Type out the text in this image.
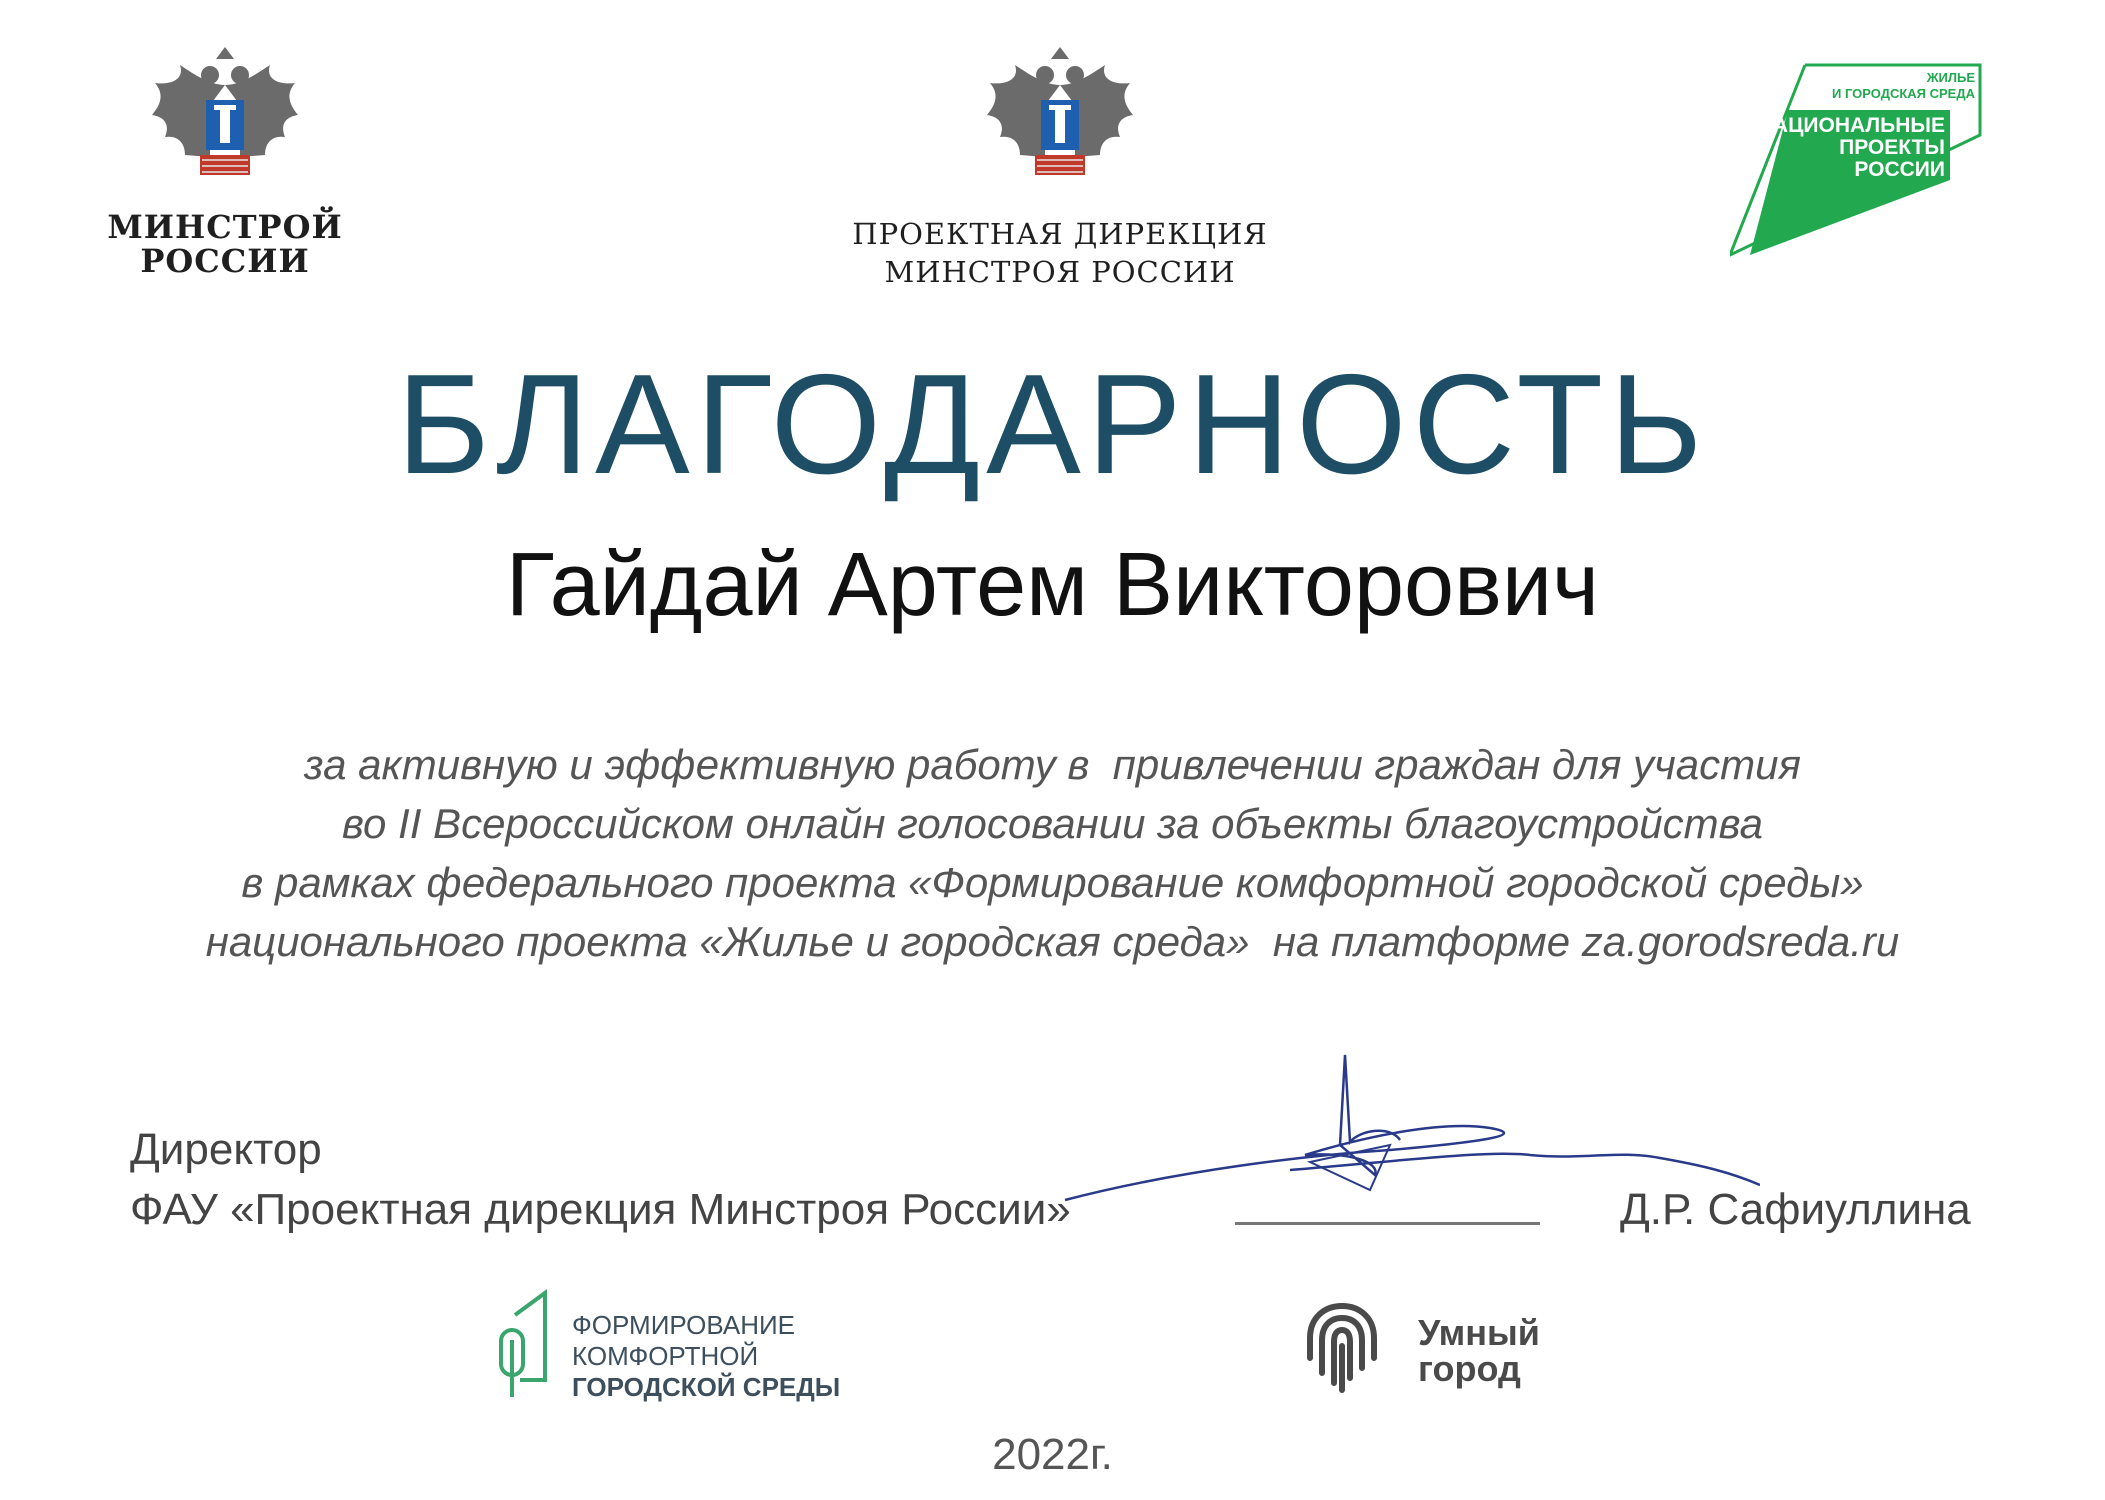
МИНСТРОЙ
РОССИИ
ПРОЕКТНАЯ ДИРЕКЦИЯ
МИНСТРОЯ РОССИИ
ЖИЛЬЕ
И ГОРОДСКАЯ СРЕДА
НАЦИОНАЛЬНЫЕ
ПРОЕКТЫ
РОССИИ
БЛАГОДАРНОСТЬ
Гайдай Артем Викторович
за активную и эффективную работу в  привлечении граждан для участия
во II Всероссийском онлайн голосовании за объекты благоустройства
в рамках федерального проекта «Формирование комфортной городской среды»
национального проекта «Жилье и городская среда»  на платформе za.gorodsreda.ru
Директор
ФАУ «Проектная дирекция Минстроя России»	Д.Р. Сафиуллина
ФОРМИРОВАНИЕ
КОМФОРТНОЙ
ГОРОДСКОЙ СРЕДЫ
Умный
город
2022г.
